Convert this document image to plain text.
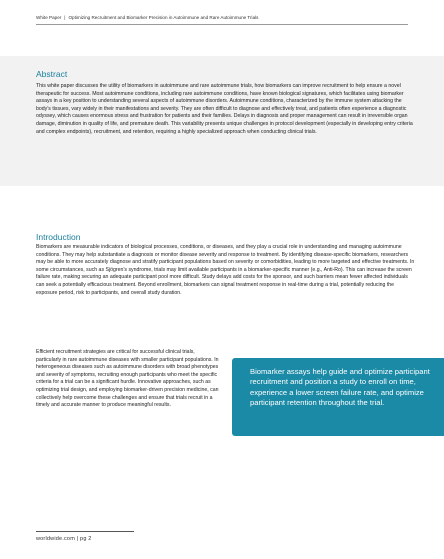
White Paper | Optimizing Recruitment and Biomarker Precision in Autoimmune and Rare Autoimmune Trials
Abstract

This white paper discusses the utility of biomarkers in autoimmune and rare autoimmune trials, how biomarkers can improve recruitment to help ensure a novel therapeutic for success. Most autoimmune conditions, including rare autoimmune conditions, have known biological signatures, which facilitates using biomarker assays in a key position to understanding several aspects of autoimmune disorders. Autoimmune conditions, characterized by the immune system attacking the body’s tissues, vary widely in their manifestations and severity. They are often difficult to diagnose and effectively treat, and patients often experience a diagnostic odyssey, which causes enormous stress and frustration for patients and their families. Delays in diagnosis and proper management can result in irreversible organ damage, diminution in quality of life, and premature death. This variability presents unique challenges in protocol development (especially in developing entry criteria and complex endpoints), recruitment, and retention, requiring a highly specialized approach when conducting clinical trials.

Introduction

Biomarkers are measurable indicators of biological processes, conditions, or diseases, and they play a crucial role in understanding and managing autoimmune conditions. They may help substantiate a diagnosis or monitor disease severity and response to treatment. By identifying disease-specific biomarkers, researchers may be able to more accurately diagnose and stratify participant populations based on severity or comorbidities, leading to more targeted and effective treatments. In some circumstances, such as Sjögren’s syndrome, trials may limit available participants in a biomarker-specific manner (e.g., Anti-Ro). This can increase the screen failure rate, making securing an adequate participant pool more difficult. Study delays add costs for the sponsor, and such barriers mean fewer affected individuals can seek a potentially efficacious treatment. Beyond enrollment, biomarkers can signal treatment response in real-time during a trial, potentially reducing the exposure period, risk to participants, and overall study duration.

Efficient recruitment strategies are critical for successful clinical trials, particularly in rare autoimmune diseases with smaller participant populations. In heterogeneous diseases such as autoimmune disorders with broad phenotypes and severity of symptoms, recruiting enough participants who meet the specific criteria for a trial can be a significant hurdle. Innovative approaches, such as optimizing trial design, and employing biomarker-driven precision medicine, can collectively help overcome these challenges and ensure that trials recruit in a timely and accurate manner to produce meaningful results.

Biomarker assays help guide and optimize participant recruitment and position a study to enroll on time, experience a lower screen failure rate, and optimize participant retention throughout the trial.

worldwide.com | pg 2
